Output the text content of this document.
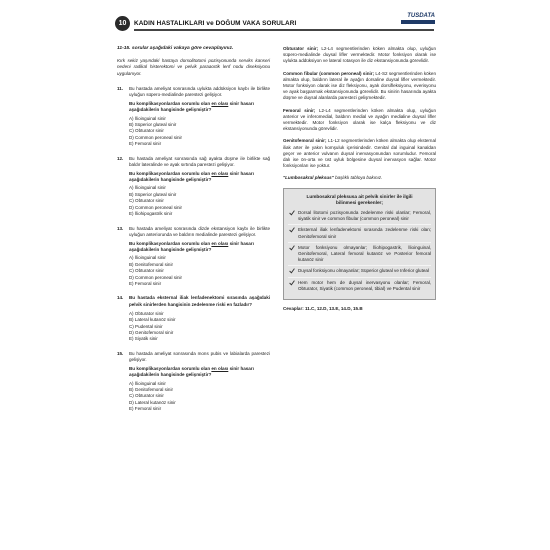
10	KADIN HASTALIKLARI ve DOĞUM VAKA SORULARI
TUSDATA
11-15. sorular aşağıdaki vakaya göre cevaplayınız.
Kırk sekiz yaşındaki hastaya dorsolitotomi pozisyonunda serviks kanseri nedeni radikal histerektomi ve pelvik paraaortik lenf nodu diseksiyonu uygulanıyor.
11. Bu hastada ameliyat sonrasında uylukta addüksiyon kaybı ile birlikte uyluğun süpero-medialinde parestezi gelişiyor.
Bu komplikasyonlardan sorumlu olan en olası sinir hasarı aşağıdakilerin hangisinde gelişmiştir?
A) İlioinguinal sinir
B) Süperior gluteal sinir
C) Obturator sinir
D) Common peroneal sinir
E) Femoral sinir
12. Bu hastada ameliyat sonrasında sağ ayakta düşme ile birlikte sağ baldır lateralinde ve ayak sırtında parestezi gelişiyor.
Bu komplikasyonlardan sorumlu olan en olası sinir hasarı aşağıdakilerin hangisinde gelişmiştir?
A) İlioinguinal sinir
B) Süperior gluteal sinir
C) Obturator sinir
D) Common peroneal sinir
E) İliohipogastrik sinir
13. Bu hastada ameliyat sonrasında dizde ekstansiyon kaybı ile birlikte uyluğun anteriorunda ve baldırın medialinde parestezi gelişiyor.
Bu komplikasyonlardan sorumlu olan en olası sinir hasarı aşağıdakilerin hangisinde gelişmiştir?
A) İlioinguinal sinir
B) Genitofemoral sinir
C) Obturator sinir
D) Common peroneal sinir
E) Femoral sinir
14. Bu hastada eksternal iliak lenfadenektomi sırasında aşağıdaki pelvik sinirlerden hangisinin zedelenme riski en fazladır?
A) Obturator sinir
B) Lateral kutanöz sinir
C) Pudental sinir
D) Genitofemoral sinir
E) Siyatik sinir
15. Bu hastada ameliyat sonrasında mons pubis ve labialarda parestezi gelişiyor.
Bu komplikasyonlardan sorumlu olan en olası sinir hasarı aşağıdakilerin hangisinde gelişmiştir?
A) İlioinguinal sinir
B) Genitofemoral sinir
C) Obturator sinir
D) Lateral kutanöz sinir
E) Femoral sinir
Obturator sinir; L2-L4 segmentlerinden köken almakta olup, uyluğun süpero-medialinde duysal lifler vermektedir. Motor fonksiyon olarak ise uylukta addüksiyon ve lateral rotasyon ile diz ekstansiyonunda görevlidir.
Common fibular (common peroneal) sinir; L4-S2 segmentlerinden köken almakta olup, baldırın lateral ile ayağın dorsaline duysal lifler vermektedir. Motor fonksiyon olarak ise diz fleksiyonu, ayak dorsifleksiyonu, everisyonu ve ayak başparmak ekstansiyonunda görevlidir. Bu sinirin hasarında ayakta düşme ve duysal alanlarda parestezi gelişmektedir.
Femoral sinir; L2-L4 segmentlerinden köken almakta olup, uyluğun anterior ve inferomedial, baldırın medial ve ayağın medialine duysal lifler vermektedir. Motor fonksiyon olarak ise kalça fleksiyonu ve diz ekstansiyonunda görevlidir.
Genitofemoral sinir; L1-L2 segmentlerinden köken almakta olup eksternal iliak arter ile yakın komşuluk içerisindedir. Genital dal inguinal kanaldan geçer ve anterior vulvanın duysal inervasyonundan sorumludur. Femoral dalı ise ön-orta ve üst uyluk bölgesine duysal inervasyon sağlar. Motor fonksiyonları ise yoktur.
"Lumbosakral pleksus" başlıklı tabloya bakınız.
Lumbosakral pleksusa ait pelvik sinirler ile ilgili
bilinmesi gerekenler;
Dorsal litotomi pozisyonunda zedelenme riski olanlar; Femoral, siyatik sinir ve common fibular (common peroneal) sinir
Eksternal iliak lenfadenektomi sırasında zedelenme riski olan; Genitofemoral sinir
Motor fonksiyonu olmayanlar; İliohipogastrik, İlioinguinal, Genitofemoral, Lateral femoral kutanöz ve Posterior femoral kutanöz sinir
Duysal fonksiyonu olmayanlar; Süperior gluteal ve Inferior gluteal
Hem motor hem de duysal inervasyonu olanlar; Femoral, Obturator, Siyatik (common peroneal, tibial) ve Pudental sinir
Cevaplar: 11.C, 12.D, 13.E, 14.D, 15.B
